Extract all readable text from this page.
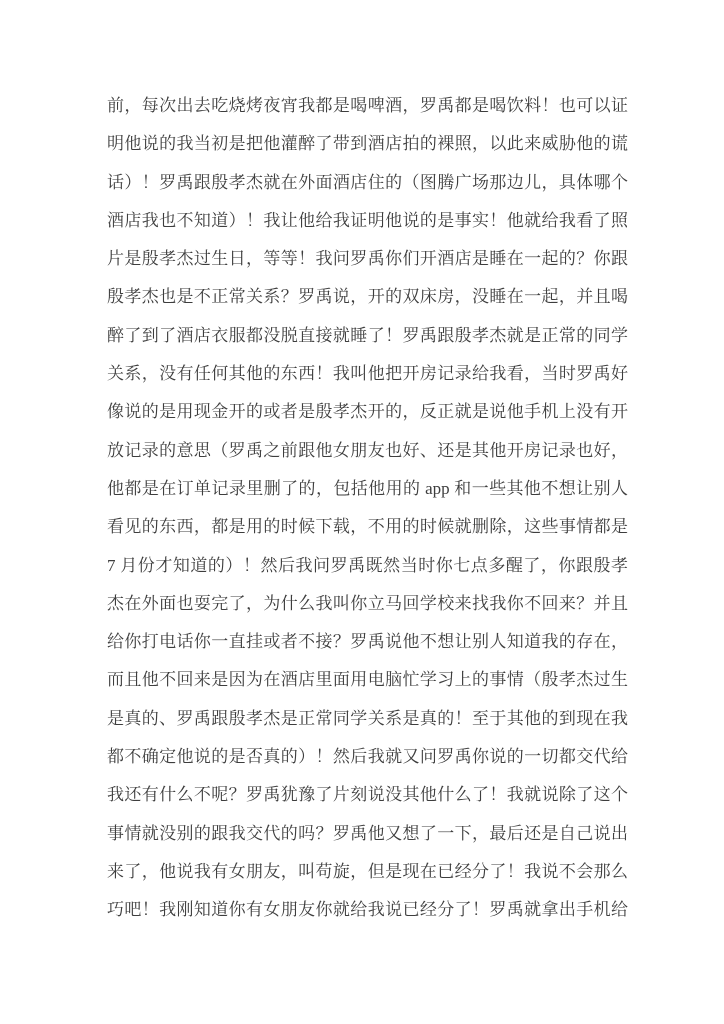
前，每次出去吃烧烤夜宵我都是喝啤酒，罗禹都是喝饮料！也可以证
明他说的我当初是把他灌醉了带到酒店拍的裸照，以此来威胁他的谎
话）！罗禹跟殷孝杰就在外面酒店住的（图腾广场那边儿，具体哪个
酒店我也不知道）！我让他给我证明他说的是事实！他就给我看了照
片是殷孝杰过生日，等等！我问罗禹你们开酒店是睡在一起的？你跟
殷孝杰也是不正常关系？罗禹说，开的双床房，没睡在一起，并且喝
醉了到了酒店衣服都没脱直接就睡了！罗禹跟殷孝杰就是正常的同学
关系，没有任何其他的东西！我叫他把开房记录给我看，当时罗禹好
像说的是用现金开的或者是殷孝杰开的，反正就是说他手机上没有开
放记录的意思（罗禹之前跟他女朋友也好、还是其他开房记录也好，
他都是在订单记录里删了的，包括他用的 app 和一些其他不想让别人
看见的东西，都是用的时候下载，不用的时候就删除，这些事情都是
7 月份才知道的）！然后我问罗禹既然当时你七点多醒了，你跟殷孝
杰在外面也耍完了，为什么我叫你立马回学校来找我你不回来？并且
给你打电话你一直挂或者不接？罗禹说他不想让别人知道我的存在，
而且他不回来是因为在酒店里面用电脑忙学习上的事情（殷孝杰过生
是真的、罗禹跟殷孝杰是正常同学关系是真的！至于其他的到现在我
都不确定他说的是否真的）！然后我就又问罗禹你说的一切都交代给
我还有什么不呢？罗禹犹豫了片刻说没其他什么了！我就说除了这个
事情就没别的跟我交代的吗？罗禹他又想了一下，最后还是自己说出
来了，他说我有女朋友，叫苟旋，但是现在已经分了！我说不会那么
巧吧！我刚知道你有女朋友你就给我说已经分了！罗禹就拿出手机给
